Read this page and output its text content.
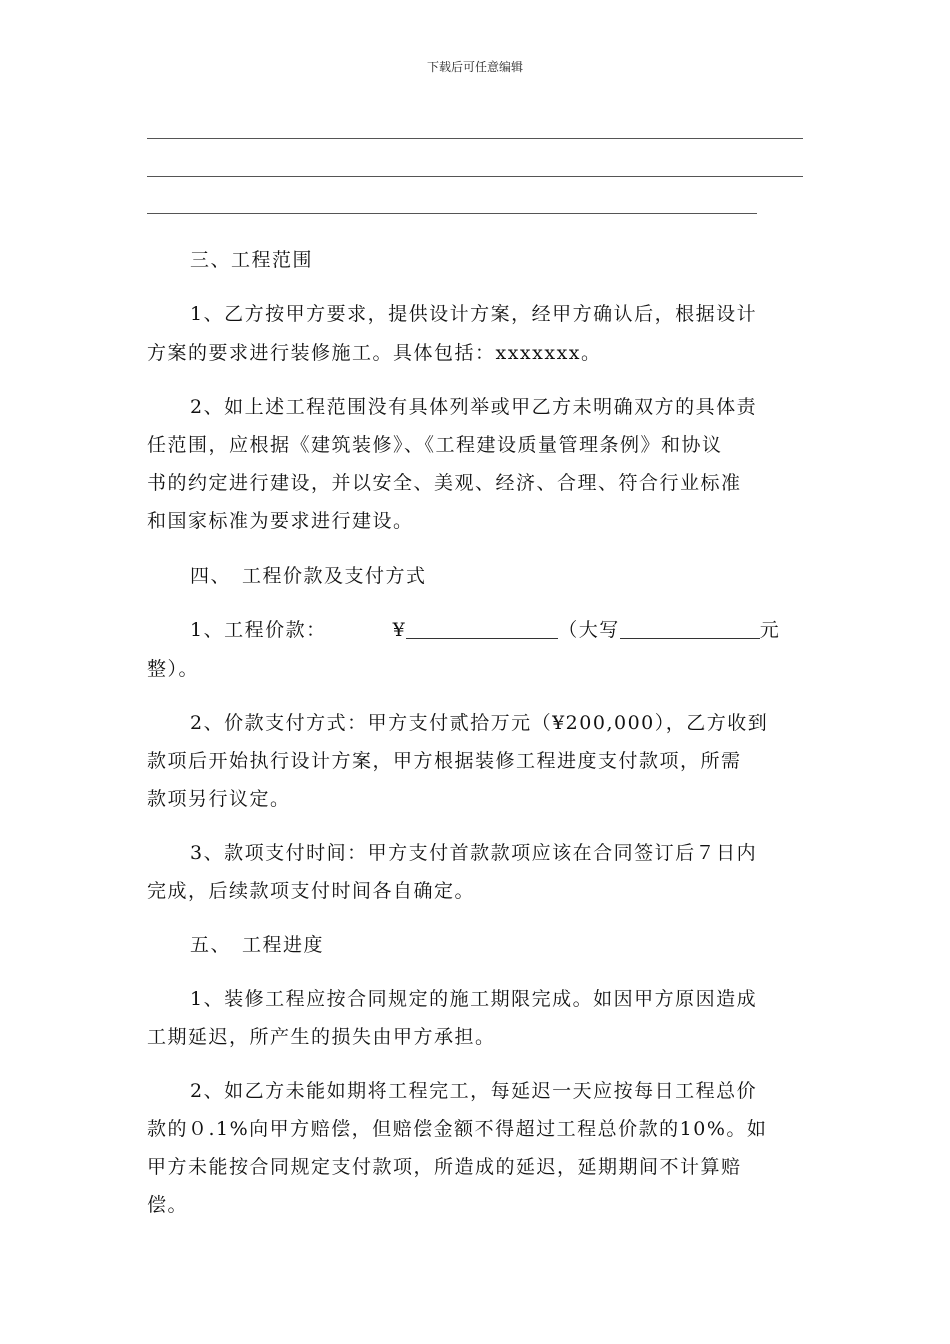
下载后可任意编辑
三、工程范围
1、乙方按甲方要求，提供设计方案，经甲方确认后，根据设计
方案的要求进行装修施工。具体包括：xxxxxxx。
2、如上述工程范围没有具体列举或甲乙方未明确双方的具体责
任范围，应根据《建筑装修》、《工程建设质量管理条例》和协议
书的约定进行建设，并以安全、美观、经济、合理、符合行业标准
和国家标准为要求进行建设。
四、　工程价款及支付方式
1、工程价款：	¥	（大写	元
整）。
2、价款支付方式：甲方支付贰拾万元（¥200,000），乙方收到
款项后开始执行设计方案，甲方根据装修工程进度支付款项，所需
款项另行议定。
3、款项支付时间：甲方支付首款款项应该在合同签订后７日内
完成，后续款项支付时间各自确定。
五、　工程进度
1、装修工程应按合同规定的施工期限完成。如因甲方原因造成
工期延迟，所产生的损失由甲方承担。
2、如乙方未能如期将工程完工，每延迟一天应按每日工程总价
款的０.1%向甲方赔偿，但赔偿金额不得超过工程总价款的10%。如
甲方未能按合同规定支付款项，所造成的延迟，延期期间不计算赔
偿。
